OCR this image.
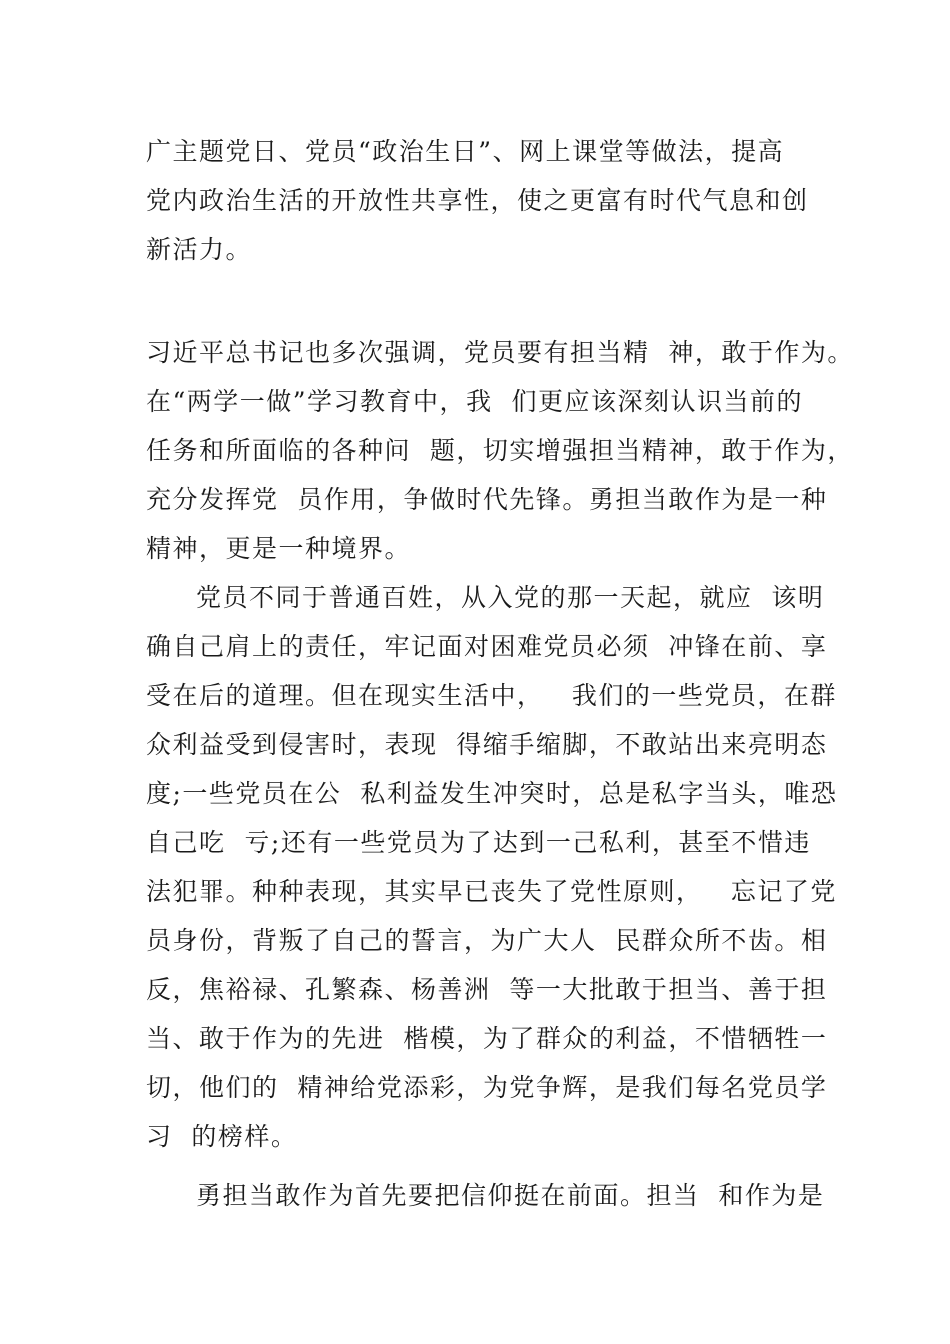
广主题党日、党员“政治生日”、网上课堂等做法，提高
党内政治生活的开放性共享性，使之更富有时代气息和创
新活力。
习近平总书记也多次强调，党员要有担当精  神，敢于作为。
在“两学一做”学习教育中，我  们更应该深刻认识当前的
任务和所面临的各种问  题，切实增强担当精神，敢于作为，
充分发挥党  员作用，争做时代先锋。勇担当敢作为是一种
精神，更是一种境界。
党员不同于普通百姓，从入党的那一天起，就应  该明
确自己肩上的责任，牢记面对困难党员必须  冲锋在前、享
受在后的道理。但在现实生活中，   我们的一些党员，在群
众利益受到侵害时，表现  得缩手缩脚，不敢站出来亮明态
度;一些党员在公  私利益发生冲突时，总是私字当头，唯恐
自己吃  亏;还有一些党员为了达到一己私利，甚至不惜违
法犯罪。种种表现，其实早已丧失了党性原则，   忘记了党
员身份，背叛了自己的誓言，为广大人  民群众所不齿。相
反，焦裕禄、孔繁森、杨善洲  等一大批敢于担当、善于担
当、敢于作为的先进  楷模，为了群众的利益，不惜牺牲一
切，他们的  精神给党添彩，为党争辉，是我们每名党员学
习  的榜样。
勇担当敢作为首先要把信仰挺在前面。担当  和作为是
